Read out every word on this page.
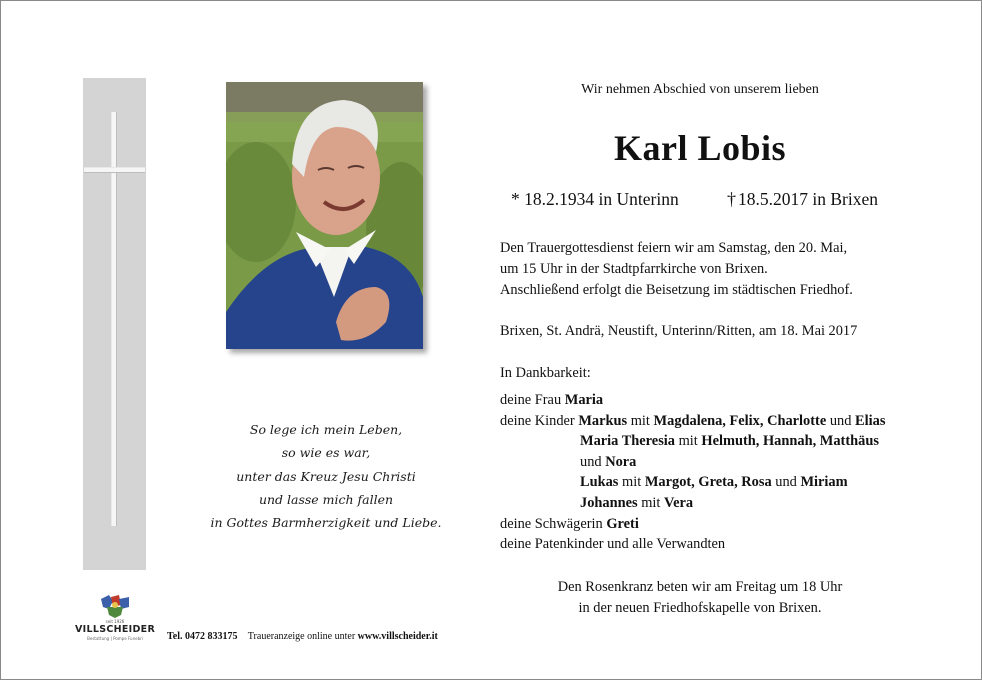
So lege ich mein Leben,
so wie es war,
unter das Kreuz Jesu Christi
und lasse mich fallen
in Gottes Barmherzigkeit und Liebe.
Wir nehmen Abschied von unserem lieben
Karl Lobis
* 18.2.1934 in Unterinn	† 18.5.2017 in Brixen
Den Trauergottesdienst feiern wir am Samstag, den 20. Mai,
um 15 Uhr in der Stadtpfarrkirche von Brixen.
Anschließend erfolgt die Beisetzung im städtischen Friedhof.
Brixen, St. Andrä, Neustift, Unterinn/Ritten, am 18. Mai 2017
In Dankbarkeit:
deine Frau Maria
deine Kinder Markus mit Magdalena, Felix, Charlotte und Elias
Maria Theresia mit Helmuth, Hannah, Matthäus
und Nora
Lukas mit Margot, Greta, Rosa und Miriam
Johannes mit Vera
deine Schwägerin Greti
deine Patenkinder und alle Verwandten
Den Rosenkranz beten wir am Freitag um 18 Uhr
in der neuen Friedhofskapelle von Brixen.
seit 1926
VILLSCHEIDER
Bestattung | Pompe Funebri	Tel. 0472 833175 Traueranzeige online unter www.villscheider.it
